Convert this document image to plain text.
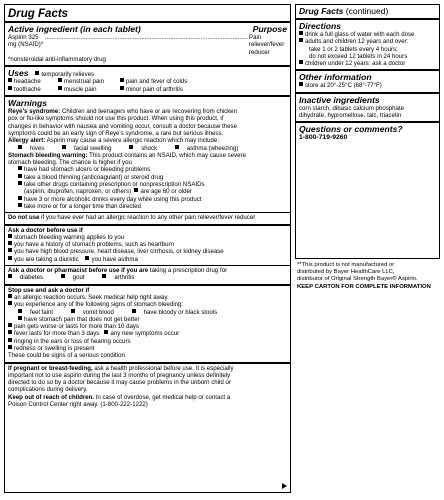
Drug Facts
Active ingredient (in each tablet)	Purpose
Aspirin 325 mg (NSAID)*
........................................................................................................................ Pain reliever/fever reducer
*nonsteroidal anti-inflammatory drug
Uses temporarily relieves
headache	menstrual pain	pain and fever of colds
toothache	muscle pain	minor pain of arthritis
Warnings
Reye's syndrome: Children and teenagers who have or are recovering from chicken
pox or flu-like symptoms should not use this product. When using this product, if
changes in behavior with nausea and vomiting occur, consult a doctor because these
symptoms could be an early sign of Reye's syndrome, a rare but serious illness.
Allergy alert: Aspirin may cause a severe allergic reaction which may include:
hives	facial swelling	shock	asthma (wheezing)
Stomach bleeding warning: This product contains an NSAID, which may cause severe
stomach bleeding. The chance is higher if you
have had stomach ulcers or bleeding problems
take a blood thinning (anticoagulant) or steroid drug
take other drugs containing prescription or nonprescription NSAIDs
(aspirin, ibuprofen, naproxen, or others) are age 60 or older
have 3 or more alcoholic drinks every day while using this product
take more or for a longer time than directed
Do not use if you have ever had an allergic reaction to any other pain reliever/fever reducer
Ask a doctor before use if
stomach bleeding warning applies to you
you have a history of stomach problems, such as heartburn
you have high blood pressure, heart disease, liver cirrhosis, or kidney disease
you are taking a diuretic you have asthma
Ask a doctor or pharmacist before use if you are taking a prescription drug for
diabetes	gout	arthritis
Stop use and ask a doctor if
an allergic reaction occurs. Seek medical help right away.
you experience any of the following signs of stomach bleeding:
feel faint	vomit blood	have bloody or black stools
have stomach pain that does not get better
pain gets worse or lasts for more than 10 days
fever lasts for more than 3 days any new symptoms occur
ringing in the ears or loss of hearing occurs
redness or swelling is present
These could be signs of a serious condition
If pregnant or breast-feeding, ask a health professional before use. It is especially
important not to use aspirin during the last 3 months of pregnancy unless definitely
directed to do so by a doctor because it may cause problems in the unborn child or
complications during delivery.
Keep out of reach of children. In case of overdose, get medical help or contact a
Poison Control Center right away. (1-800-222-1222)
Drug Facts (continued)
Directions
drink a full glass of water with each dose
adults and children 12 years and over:
take 1 or 2 tablets every 4 hours;
do not exceed 12 tablets in 24 hours
children under 12 years: ask a doctor
Other information
store at 20°-25°C (68°-77°F)
Inactive ingredients
corn starch, dibasic calcium phosphate
dihydrate, hypromellose, talc, triacetin
Questions or comments?
1-800-719-9260
**This product is not manufactured or
distributed by Bayer HealthCare LLC,
distributor of Original Strength Bayer® Aspirin.
KEEP CARTON FOR COMPLETE INFORMATION
